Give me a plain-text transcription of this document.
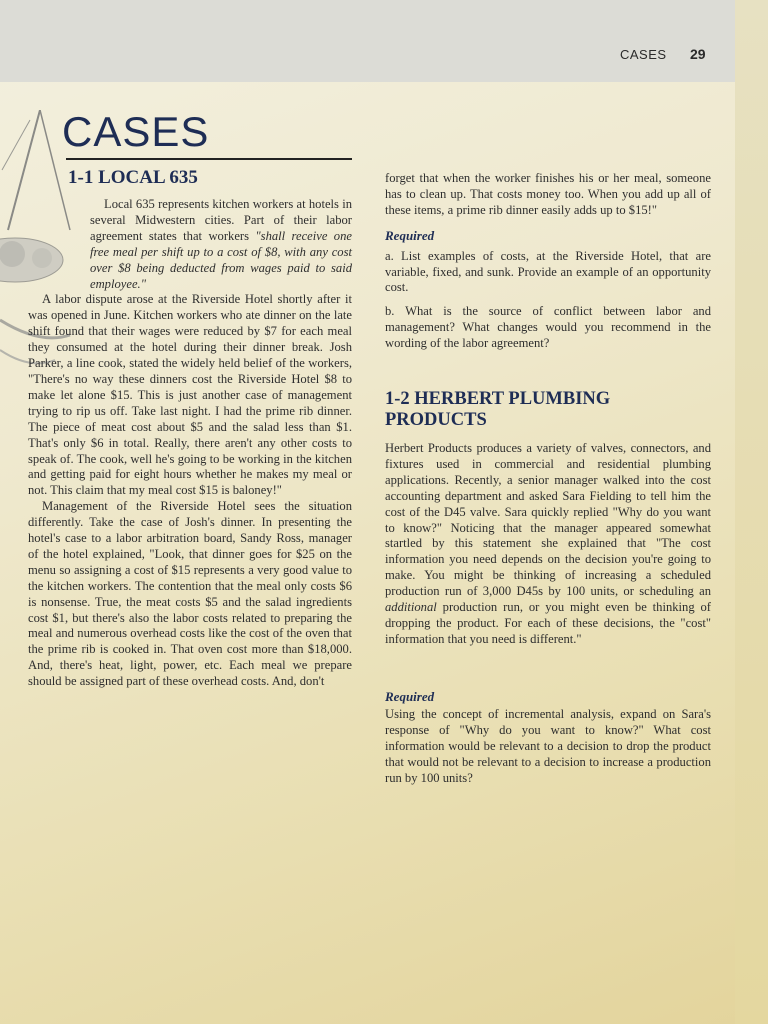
CASES 29
CASES
1-1 LOCAL 635

Local 635 represents kitchen workers at hotels in several Midwestern cities. Part of their labor agreement states that workers "shall receive one free meal per shift up to a cost of $8, with any cost over $8 being deducted from wages paid to said employee."

A labor dispute arose at the Riverside Hotel shortly after it was opened in June. Kitchen workers who ate dinner on the late shift found that their wages were reduced by $7 for each meal they consumed at the hotel during their dinner break. Josh Parker, a line cook, stated the widely held belief of the workers, "There's no way these dinners cost the Riverside Hotel $8 to make let alone $15. This is just another case of management trying to rip us off. Take last night. I had the prime rib dinner. The piece of meat cost about $5 and the salad less than $1. That's only $6 in total. Really, there aren't any other costs to speak of. The cook, well he's going to be working in the kitchen and getting paid for eight hours whether he makes my meal or not. This claim that my meal cost $15 is baloney!"

Management of the Riverside Hotel sees the situation differently. Take the case of Josh's dinner. In presenting the hotel's case to a labor arbitration board, Sandy Ross, manager of the hotel explained, "Look, that dinner goes for $25 on the menu so assigning a cost of $15 represents a very good value to the kitchen workers. The contention that the meal only costs $6 is nonsense. True, the meat costs $5 and the salad ingredients cost $1, but there's also the labor costs related to preparing the meal and numerous overhead costs like the cost of the oven that the prime rib is cooked in. That oven cost more than $18,000. And, there's heat, light, power, etc. Each meal we prepare should be assigned part of these overhead costs. And, don't

forget that when the worker finishes his or her meal, someone has to clean up. That costs money too. When you add up all of these items, a prime rib dinner easily adds up to $15!"

Required

a. List examples of costs, at the Riverside Hotel, that are variable, fixed, and sunk. Provide an example of an opportunity cost.

b. What is the source of conflict between labor and management? What changes would you recommend in the wording of the labor agreement?

1-2 HERBERT PLUMBING PRODUCTS

Herbert Products produces a variety of valves, connectors, and fixtures used in commercial and residential plumbing applications. Recently, a senior manager walked into the cost accounting department and asked Sara Fielding to tell him the cost of the D45 valve. Sara quickly replied "Why do you want to know?" Noticing that the manager appeared somewhat startled by this statement she explained that "The cost information you need depends on the decision you're going to make. You might be thinking of increasing a scheduled production run of 3,000 D45s by 100 units, or scheduling an additional production run, or you might even be thinking of dropping the product. For each of these decisions, the "cost" information that you need is different."

Required

Using the concept of incremental analysis, expand on Sara's response of "Why do you want to know?" What cost information would be relevant to a decision to drop the product that would not be relevant to a decision to increase a production run by 100 units?
